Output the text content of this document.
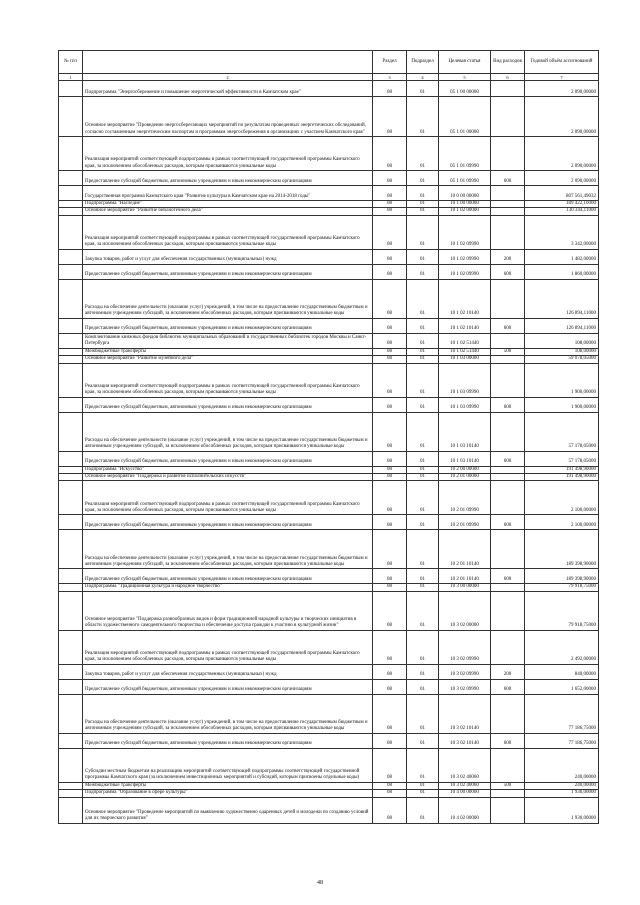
№ п/п		Раздел	Подраздел	Целевая статья	Вид расходов	Годовой объём ассигнований
1	2	3	4	5	6	7
	Подпрограмма "Энергосбережение и повышение энергетической эффективности в Камчатском крае"	08	01	05 1 00 00000		2 090,00000
	Основное мероприятие "Проведение энергосберегающих мероприятий по результатам проведенных энергетических обследований, согласно составленным энергетическим паспортам и программам энергосбережения в организациях с участием Камчатского края"	08	01	05 1 01 00000		2 090,00000
	Реализация мероприятий соответствующей подпрограммы в рамках соответствующей государственной программы Камчатского края, за исключением обособленных расходов, которым присваиваются уникальные коды	08	01	05 1 01 09990		2 090,00000
	Предоставление субсидий бюджетным, автономным учреждениям и иным некоммерческим организациям	08	01	05 1 01 09990	600	2 090,00000
	Государственная программа Камчатского края "Развитие культуры в Камчатском крае на 2014-2018 годы"	08	01	10 0 00 00000		807 561,49032
	Подпрограмма "Наследие"	08	01	10 1 00 00000		189 422,16000
	Основное мероприятие "Развитие библиотечного дела"	08	01	10 1 02 00000		130 344,11000
	Реализация мероприятий соответствующей подпрограммы в рамках соответствующей государственной программы Камчатского края, за исключением обособленных расходов, которым присваиваются уникальные коды	08	01	10 1 02 09990		3 342,00000
	Закупка товаров, работ и услуг для обеспечения государственных (муниципальных) нужд	08	01	10 1 02 09990	200	1 482,00000
	Предоставление субсидий бюджетным, автономным учреждениям и иным некоммерческим организациям	08	01	10 1 02 09990	600	1 860,00000
	Расходы на обеспечение деятельности (оказание услуг) учреждений, в том числе на предоставление государственным бюджетным и автономным учреждениям субсидий, за исключением обособленных расходов, которым присваиваются уникальные коды	08	01	10 1 02 10140		126 894,11000
	Предоставление субсидий бюджетным, автономным учреждениям и иным некоммерческим организациям	08	01	10 1 02 10140	600	126 894,11000
	Комплектование книжных фондов библиотек муниципальных образований и государственных библиотек городов Москвы и Санкт-Петербурга	08	01	10 1 02 51440		108,00000
	Межбюджетные трансферты	08	01	10 1 02 51440	500	108,00000
	Основное мероприятие "Развитие музейного дела"	08	01	10 1 03 00000		59 078,05000
	Реализация мероприятий соответствующей подпрограммы в рамках соответствующей государственной программы Камчатского края, за исключением обособленных расходов, которым присваиваются уникальные коды	08	01	10 1 03 09990		1 900,00000
	Предоставление субсидий бюджетным, автономным учреждениям и иным некоммерческим организациям	08	01	10 1 03 09990	600	1 900,00000
	Расходы на обеспечение деятельности (оказание услуг) учреждений, в том числе на предоставление государственным бюджетным и автономным учреждениям субсидий, за исключением обособленных расходов, которым присваиваются уникальные коды	08	01	10 1 03 10140		57 178,05000
	Предоставление субсидий бюджетным, автономным учреждениям и иным некоммерческим организациям	08	01	10 1 03 10140	600	57 178,05000
	Подпрограмма "Искусство"	08	01	10 2 00 00000		191 498,90000
	Основное мероприятие "Поддержка и развитие исполнительских искусств"	08	01	10 2 01 00000		191 498,90000
	Реализация мероприятий соответствующей подпрограммы в рамках соответствующей государственной программы Камчатского края, за исключением обособленных расходов, которым присваиваются уникальные коды	08	01	10 2 01 09990		2 100,00000
	Предоставление субсидий бюджетным, автономным учреждениям и иным некоммерческим организациям	08	01	10 2 01 09990	600	2 100,00000
	Расходы на обеспечение деятельности (оказание услуг) учреждений, в том числе на предоставление государственным бюджетным и автономным учреждениям субсидий, за исключением обособленных расходов, которым присваиваются уникальные коды	08	01	10 2 01 10140		189 398,90000
	Предоставление субсидий бюджетным, автономным учреждениям и иным некоммерческим организациям	08	01	10 2 01 10140	600	189 398,90000
	Подпрограмма "Традиционная культура и народное творчество"	08	01	10 3 00 00000		79 918,75000
	Основное мероприятие "Поддержка разнообразных видов и форм традиционной народной культуры и творческих инициатив в области художественного самодеятельного творчества и обеспечение доступа граждан к участию в культурной жизни"	08	01	10 3 02 00000		79 918,75000
	Реализация мероприятий соответствующей подпрограммы в рамках соответствующей государственной программы Камчатского края, за исключением обособленных расходов, которым присваиваются уникальные коды	08	01	10 3 02 09990		2 492,00000
	Закупка товаров, работ и услуг для обеспечения государственных (муниципальных) нужд	08	01	10 3 02 09990	200	840,00000
	Предоставление субсидий бюджетным, автономным учреждениям и иным некоммерческим организациям	08	01	10 3 02 09990	600	1 652,00000
	Расходы на обеспечение деятельности (оказание услуг) учреждений, в том числе на предоставление государственным бюджетным и автономным учреждениям субсидий, за исключением обособленных расходов, которым присваиваются уникальные коды	08	01	10 3 02 10140		77 186,75000
	Предоставление субсидий бюджетным, автономным учреждениям и иным некоммерческим организациям	08	01	10 3 02 10140	600	77 186,75000
	Субсидии местным бюджетам на реализацию мероприятий соответствующей подпрограммы соответствующей государственной программы Камчатского края (за исключением инвестиционных мероприятий и субсидий, которым присвоены отдельные коды)	08	01	10 3 02 40060		240,00000
	Межбюджетные трансферты	08	01	10 3 02 40060	500	240,00000
	Подпрограмма "Образование в сфере культуры"	08	01	10 4 00 00000		1 930,00000
	Основное мероприятие "Проведение мероприятий по выявлению художественно одаренных детей и молодежи по созданию условий для их творческого развития"	08	01	10 4 02 00000		1 930,00000
48
